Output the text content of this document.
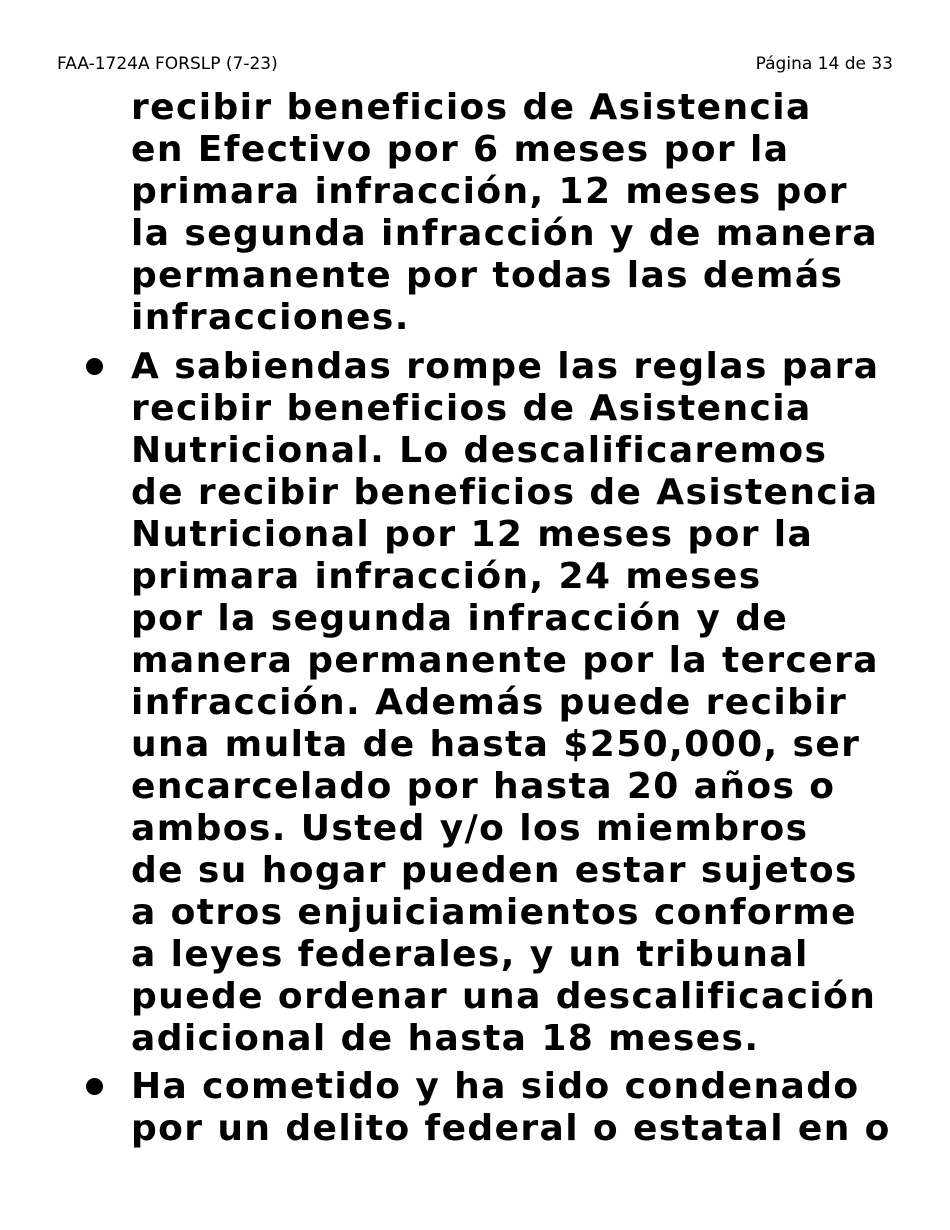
FAA-1724A FORSLP (7-23)	Página 14 de 33
recibir beneficios de Asistencia
en Efectivo por 6 meses por la
primara infracción, 12 meses por
la segunda infracción y de manera
permanente por todas las demás
infracciones.
A sabiendas rompe las reglas para
recibir beneficios de Asistencia
Nutricional. Lo descalificaremos
de recibir beneficios de Asistencia
Nutricional por 12 meses por la
primara infracción, 24 meses
por la segunda infracción y de
manera permanente por la tercera
infracción. Además puede recibir
una multa de hasta $250,000, ser
encarcelado por hasta 20 años o
ambos. Usted y/o los miembros
de su hogar pueden estar sujetos
a otros enjuiciamientos conforme
a leyes federales, y un tribunal
puede ordenar una descalificación
adicional de hasta 18 meses.
Ha cometido y ha sido condenado
por un delito federal o estatal en o
